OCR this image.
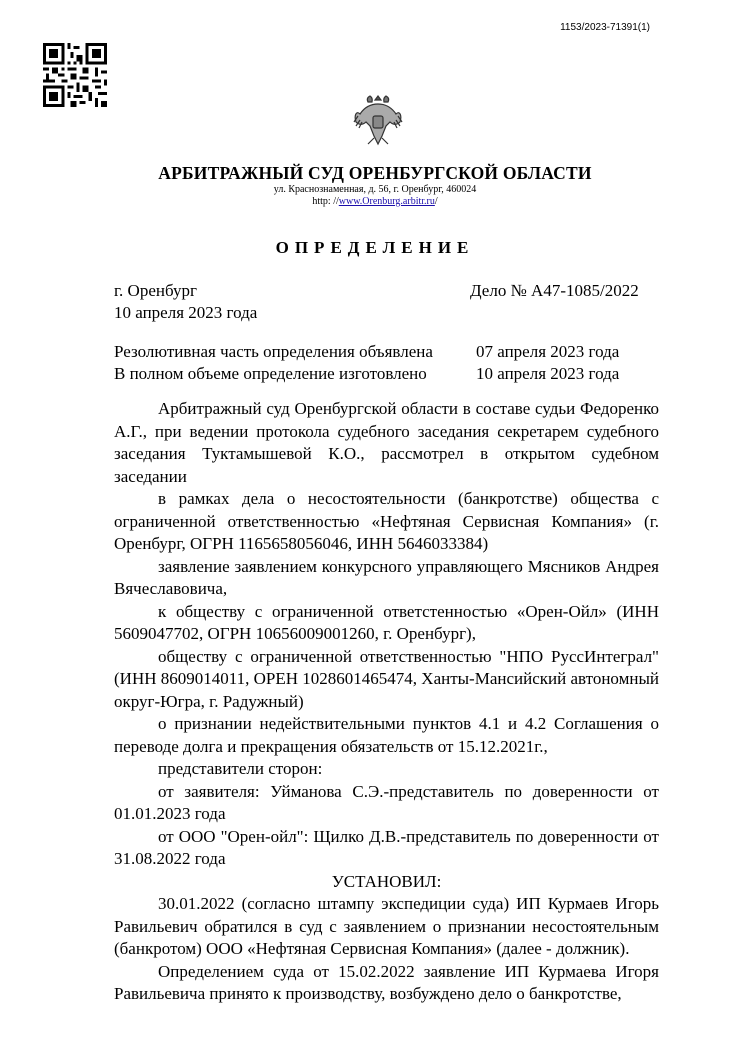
1153/2023-71391(1)
АРБИТРАЖНЫЙ СУД ОРЕНБУРГСКОЙ ОБЛАСТИ
ул. Краснознаменная, д. 56, г. Оренбург, 460024
http: //www.Orenburg.arbitr.ru/
ОПРЕДЕЛЕНИЕ
г. Оренбург	Дело № А47-1085/2022
10 апреля 2023 года
Резолютивная часть определения объявлена	07 апреля 2023 года
В полном объеме определение изготовлено	10 апреля 2023 года

Арбитражный суд Оренбургской области в составе судьи Федоренко А.Г., при ведении протокола судебного заседания секретарем судебного заседания Туктамышевой К.О., рассмотрел в открытом судебном заседании

в рамках дела о несостоятельности (банкротстве) общества с ограниченной ответственностью «Нефтяная Сервисная Компания» (г. Оренбург, ОГРН 1165658056046, ИНН 5646033384)

заявление заявлением конкурсного управляющего Мясников Андрея Вячеславовича,

к обществу с ограниченной ответстенностью «Орен-Ойл» (ИНН 5609047702, ОГРН 10656009001260, г. Оренбург),

обществу с ограниченной ответственностью "НПО РуссИнтеграл" (ИНН 8609014011, ОРЕН 1028601465474, Ханты-Мансийский автономный округ-Югра, г. Радужный)

о признании недействительными пунктов 4.1 и 4.2 Соглашения о переводе долга и прекращения обязательств от 15.12.2021г.,

представители сторон:

от заявителя: Уйманова С.Э.-представитель по доверенности от 01.01.2023 года

от ООО "Орен-ойл": Щилко Д.В.-представитель по доверенности от 31.08.2022 года

УСТАНОВИЛ:

30.01.2022 (согласно штампу экспедиции суда) ИП Курмаев Игорь Равильевич обратился в суд с заявлением о признании несостоятельным (банкротом) ООО «Нефтяная Сервисная Компания» (далее - должник).

Определением суда от 15.02.2022 заявление ИП Курмаева Игоря Равильевича принято к производству, возбуждено дело о банкротстве,
